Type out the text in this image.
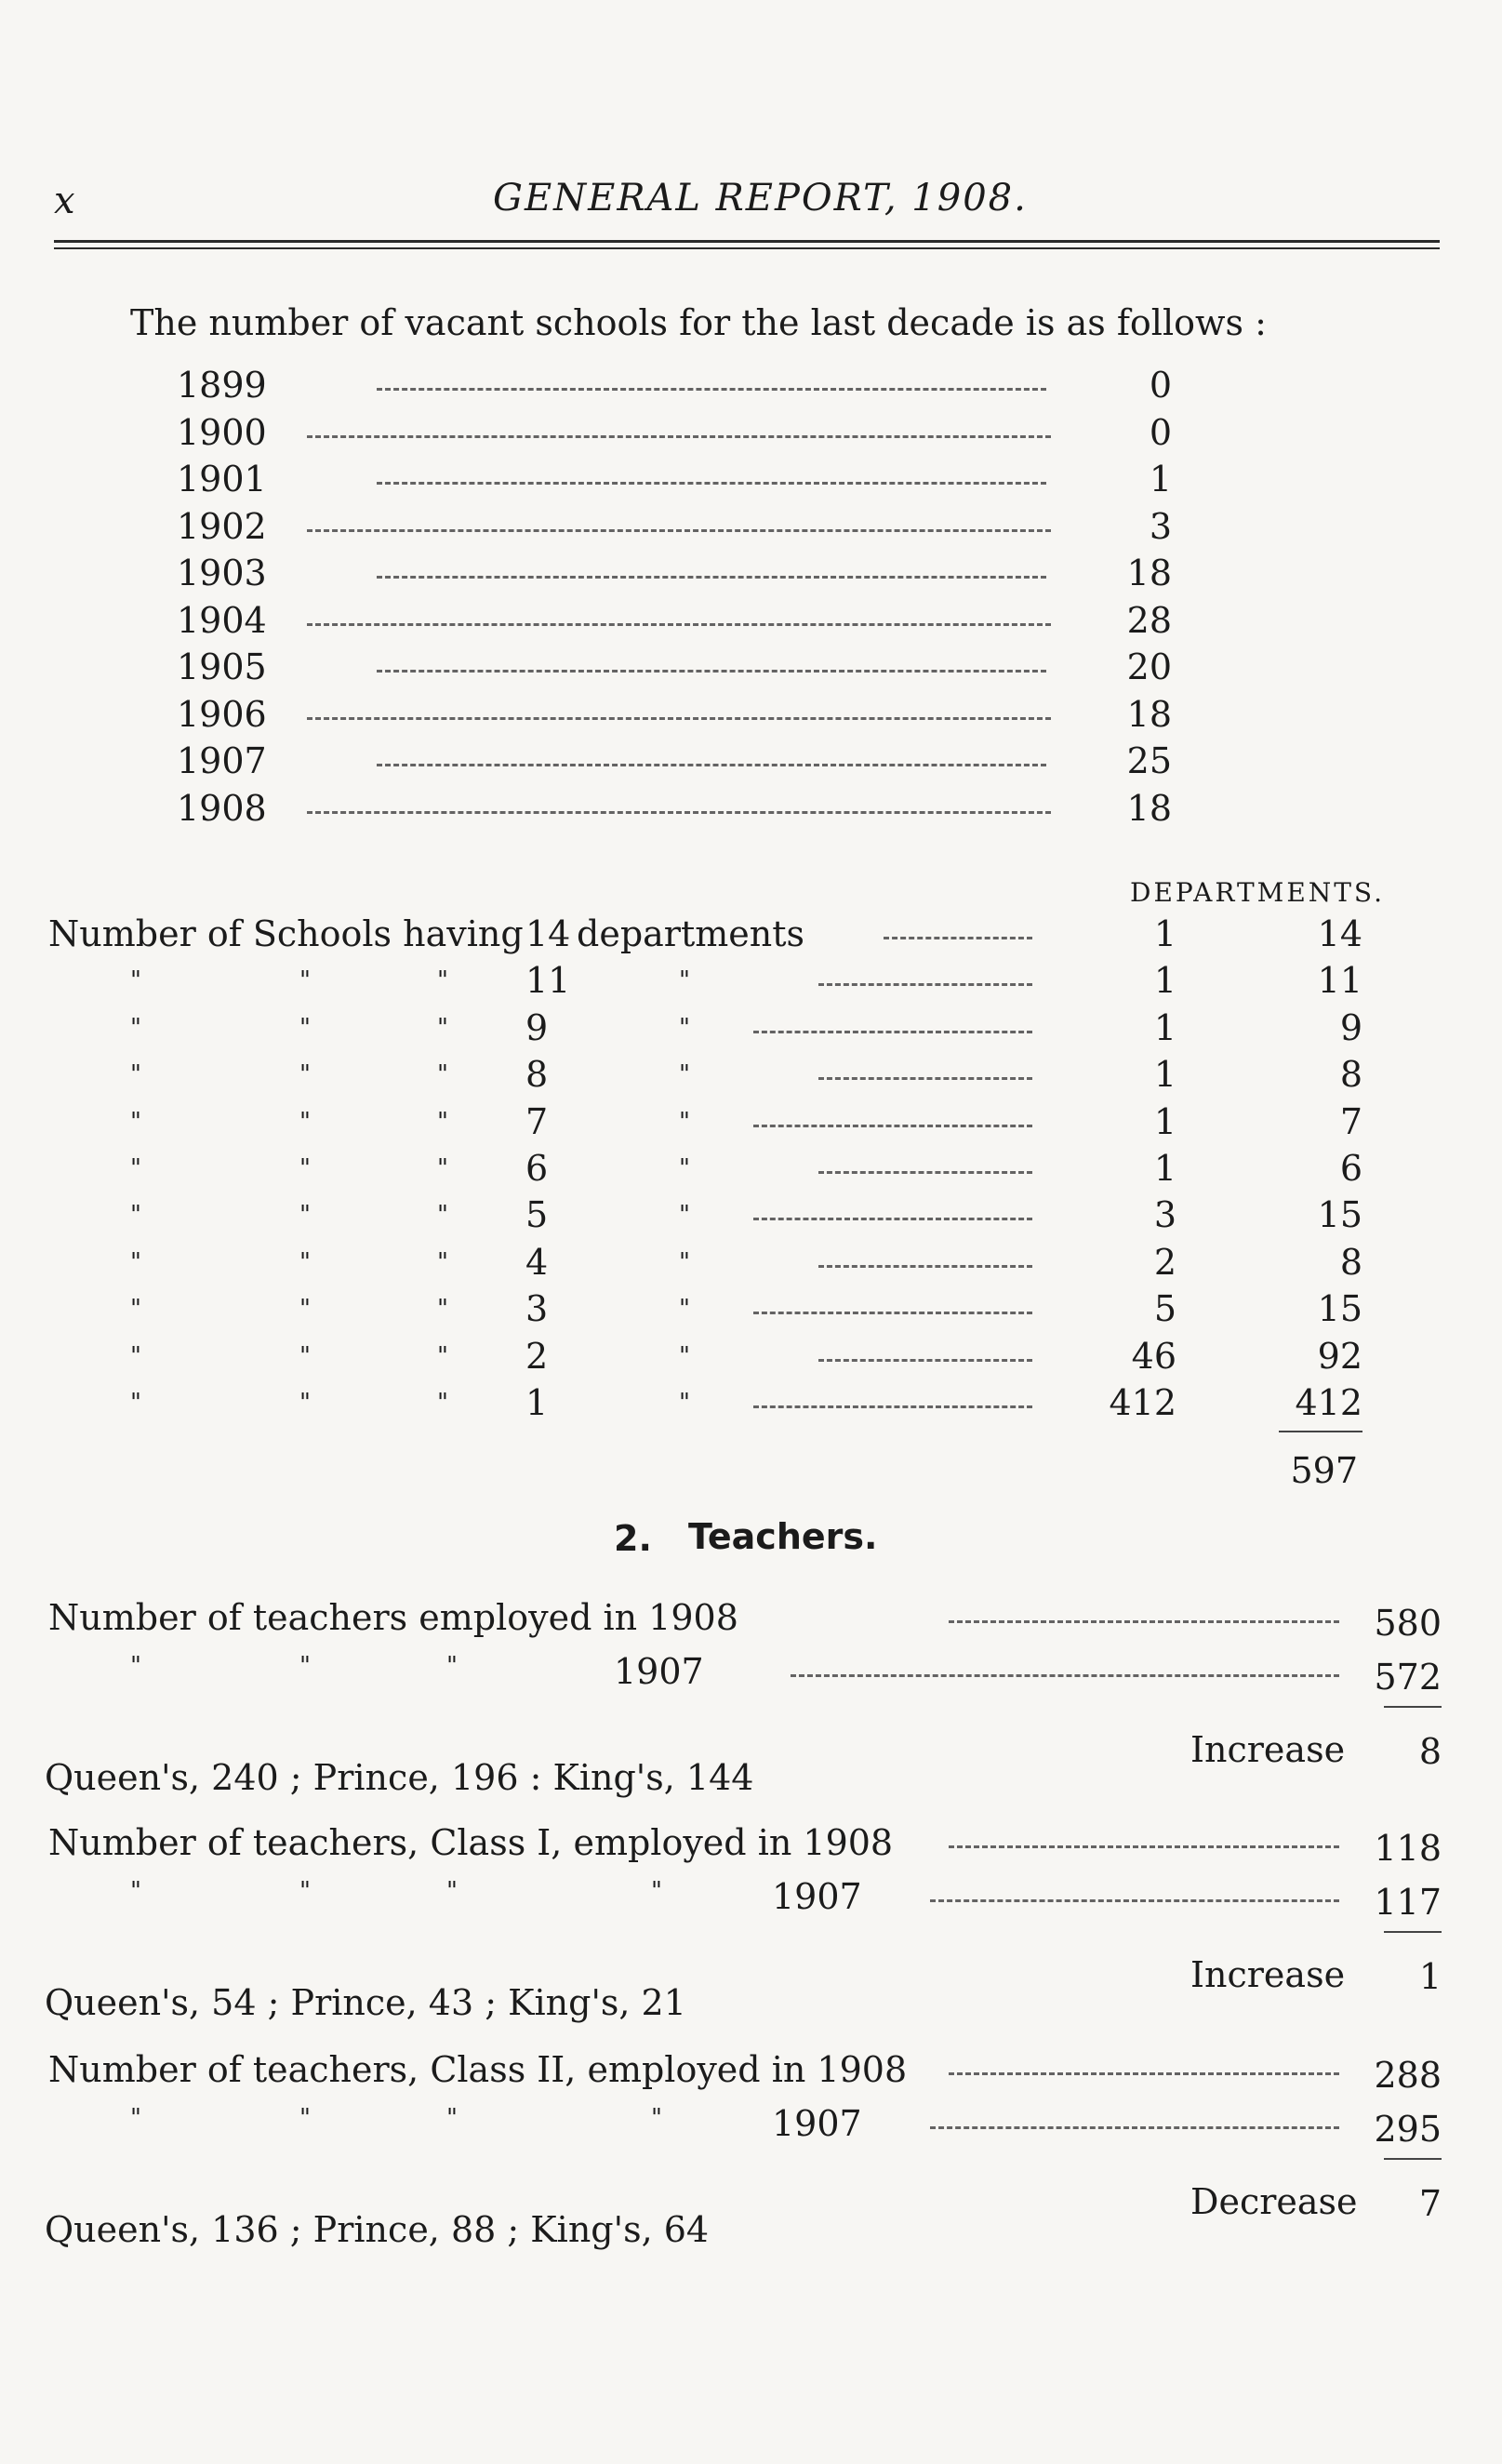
x	GENERAL REPORT, 1908.
The number of vacant schools for the last decade is as follows :
1899	0
1900	0
1901	1
1902	3
1903	18
1904	28
1905	20
1906	18
1907	25
1908	18
DEPARTMENTS.
Number of Schools having 14 departments	1	14
"	"	" 11	"	1	11
"	"	" 9	"	1	9
"	"	" 8	"	1	8
"	"	" 7	"	1	7
"	"	" 6	"	1	6
"	"	" 5	"	3	15
"	"	" 4	"	2	8
"	"	" 3	"	5	15
"	"	" 2	"	46	92
"	"	" 1	"	412	412
597
2. Teachers.
Number of teachers employed in 1908	580
"	"	"	1907	572
Increase	8
Queen's, 240 ; Prince, 196 : King's, 144
Number of teachers, Class I, employed in 1908	118
"	"	"	"	1907	117
Increase	1
Queen's, 54 ; Prince, 43 ; King's, 21
Number of teachers, Class II, employed in 1908	288
"	"	"	"	1907	295
Decrease	7
Queen's, 136 ; Prince, 88 ; King's, 64
